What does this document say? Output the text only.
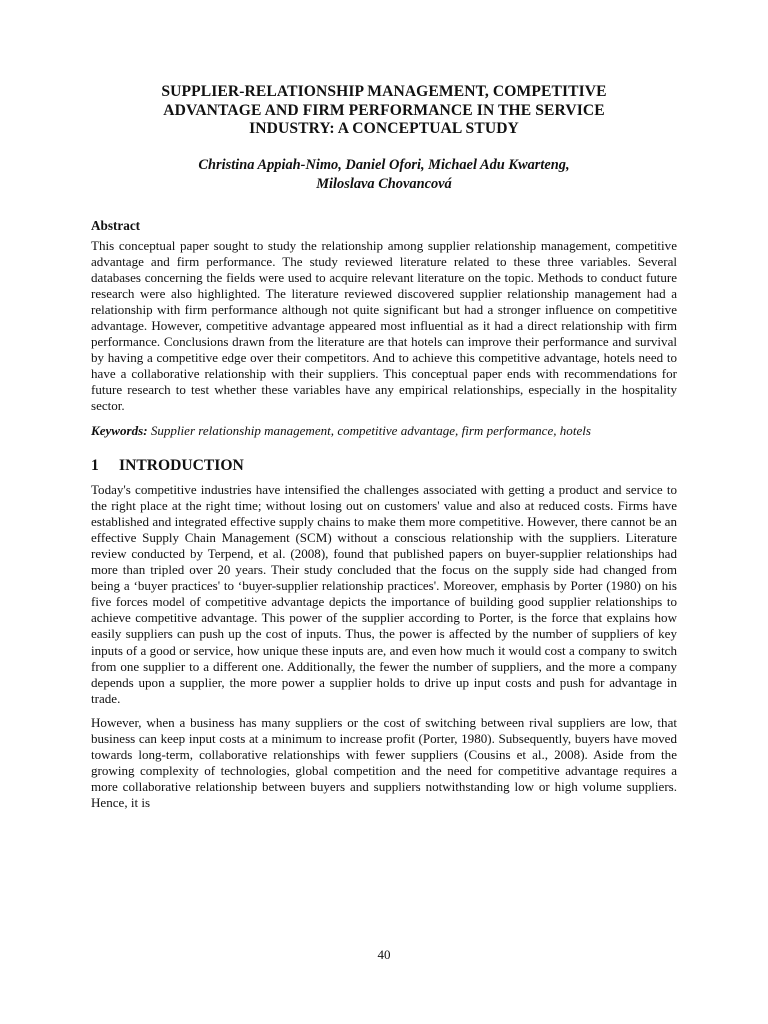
SUPPLIER-RELATIONSHIP MANAGEMENT, COMPETITIVE
ADVANTAGE AND FIRM PERFORMANCE IN THE SERVICE
INDUSTRY: A CONCEPTUAL STUDY
Christina Appiah-Nimo, Daniel Ofori, Michael Adu Kwarteng,
Miloslava Chovancová
Abstract

This conceptual paper sought to study the relationship among supplier relationship management, competitive advantage and firm performance. The study reviewed literature related to these three variables. Several databases concerning the fields were used to acquire relevant literature on the topic. Methods to conduct future research were also highlighted. The literature reviewed discovered supplier relationship management had a relationship with firm performance although not quite significant but had a stronger influence on competitive advantage. However, competitive advantage appeared most influential as it had a direct relationship with firm performance. Conclusions drawn from the literature are that hotels can improve their performance and survival by having a competitive edge over their competitors. And to achieve this competitive advantage, hotels need to have a collaborative relationship with their suppliers. This conceptual paper ends with recommendations for future research to test whether these variables have any empirical relationships, especially in the hospitality sector.

Keywords: Supplier relationship management, competitive advantage, firm performance, hotels

1	INTRODUCTION

Today's competitive industries have intensified the challenges associated with getting a product and service to the right place at the right time; without losing out on customers' value and also at reduced costs. Firms have established and integrated effective supply chains to make them more competitive. However, there cannot be an effective Supply Chain Management (SCM) without a conscious relationship with the suppliers. Literature review conducted by Terpend, et al. (2008), found that published papers on buyer-supplier relationships had more than tripled over 20 years. Their study concluded that the focus on the supply side had changed from being a ‘buyer practices' to ‘buyer-supplier relationship practices'. Moreover, emphasis by Porter (1980) on his five forces model of competitive advantage depicts the importance of building good supplier relationships to achieve competitive advantage. This power of the supplier according to Porter, is the force that explains how easily suppliers can push up the cost of inputs. Thus, the power is affected by the number of suppliers of key inputs of a good or service, how unique these inputs are, and even how much it would cost a company to switch from one supplier to a different one. Additionally, the fewer the number of suppliers, and the more a company depends upon a supplier, the more power a supplier holds to drive up input costs and push for advantage in trade.

However, when a business has many suppliers or the cost of switching between rival suppliers are low, that business can keep input costs at a minimum to increase profit (Porter, 1980). Subsequently, buyers have moved towards long-term, collaborative relationships with fewer suppliers (Cousins et al., 2008). Aside from the growing complexity of technologies, global competition and the need for competitive advantage requires a more collaborative relationship between buyers and suppliers notwithstanding low or high volume suppliers. Hence, it is

40
